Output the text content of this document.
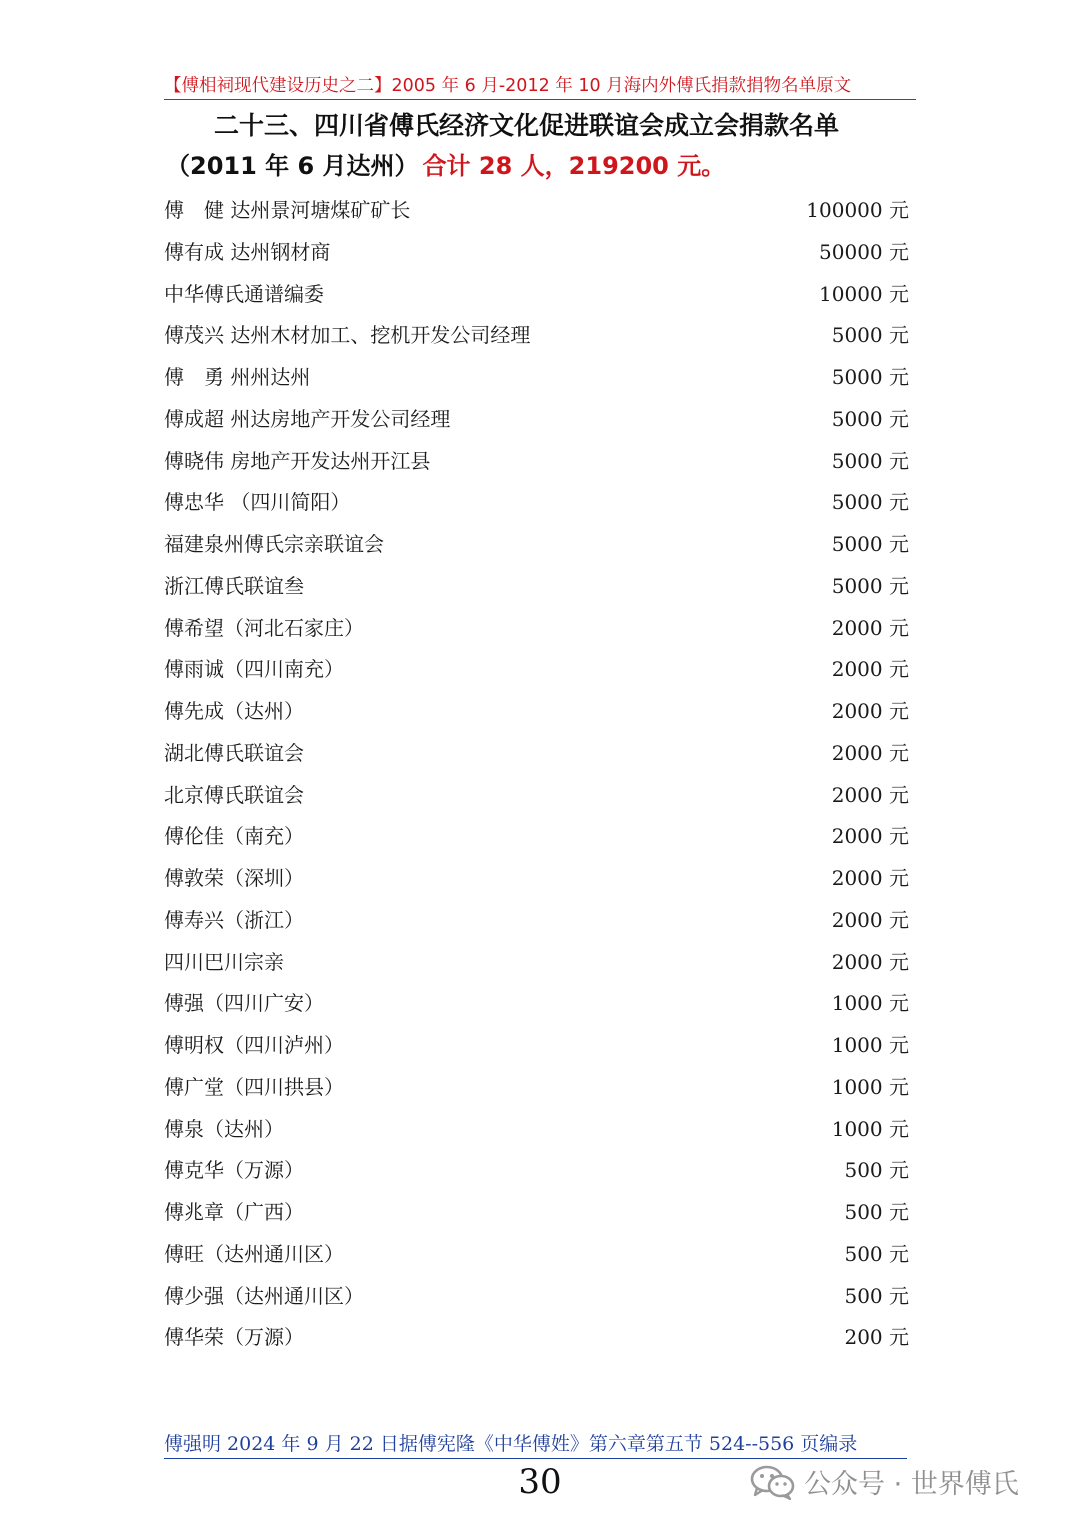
【傅相祠现代建设历史之二】2005 年 6 月-2012 年 10 月海内外傅氏捐款捐物名单原文
二十三、四川省傅氏经济文化促进联谊会成立会捐款名单
（2011 年 6 月达州） 合计 28 人，219200 元。
傅　健 达州景河塘煤矿矿长	100000 元
傅有成 达州钢材商	50000 元
中华傅氏通谱编委	10000 元
傅茂兴 达州木材加工、挖机开发公司经理	5000 元
傅　勇 州州达州	5000 元
傅成超 州达房地产开发公司经理	5000 元
傅晓伟 房地产开发达州开江县	5000 元
傅忠华 （四川简阳）	5000 元
福建泉州傅氏宗亲联谊会	5000 元
浙江傅氏联谊叁	5000 元
傅希望（河北石家庄）	2000 元
傅雨诚（四川南充）	2000 元
傅先成（达州）	2000 元
湖北傅氏联谊会	2000 元
北京傅氏联谊会	2000 元
傅伦佳（南充）	2000 元
傅敦荣（深圳）	2000 元
傅寿兴（浙江）	2000 元
四川巴川宗亲	2000 元
傅强（四川广安）	1000 元
傅明权（四川泸州）	1000 元
傅广堂（四川拱县）	1000 元
傅泉（达州）	1000 元
傅克华（万源）	500 元
傅兆章（广西）	500 元
傅旺（达州通川区）	500 元
傅少强（达州通川区）	500 元
傅华荣（万源）	200 元
傅强明 2024 年 9 月 22 日据傅宪隆《中华傅姓》第六章第五节 524--556 页编录
30	公众号 · 世界傅氏
